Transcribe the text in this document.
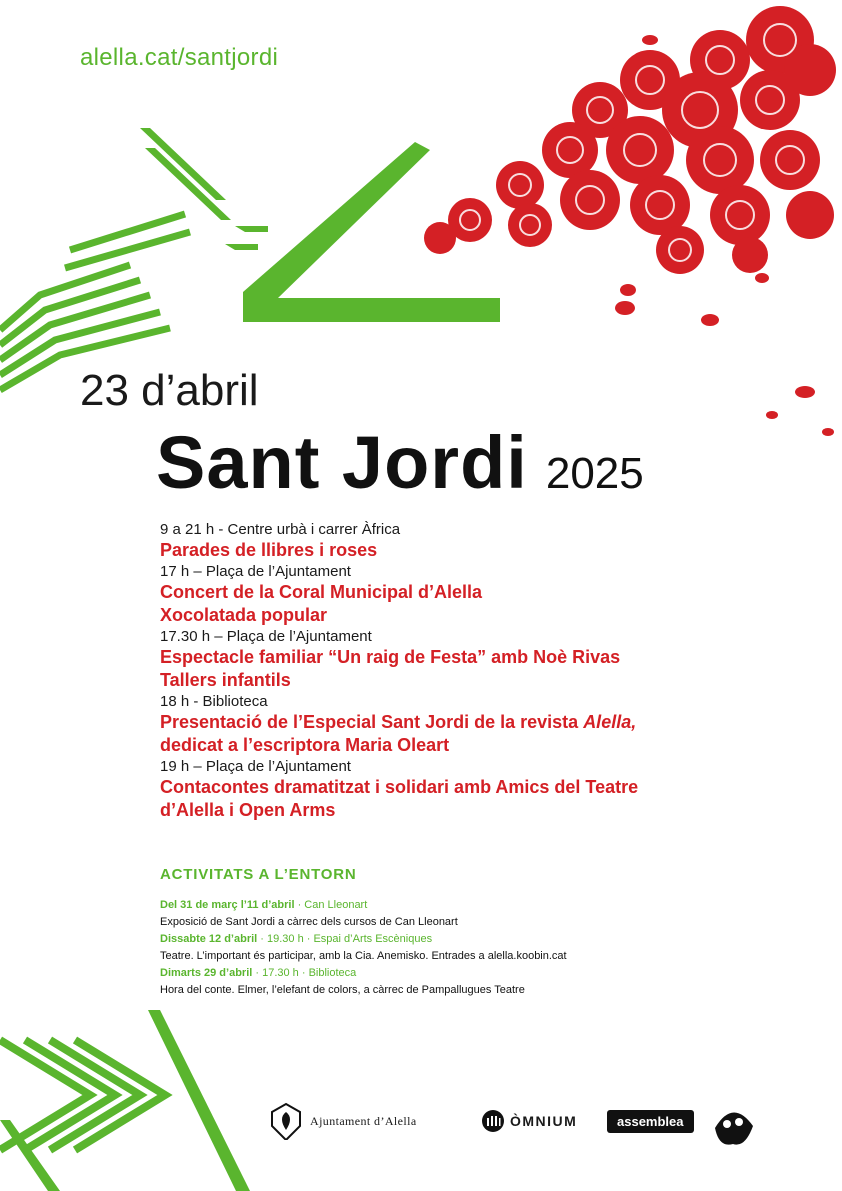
alella.cat/santjordi
23 d’abril
Sant Jordi 2025
9 a 21 h - Centre urbà i carrer Àfrica
Parades de llibres i roses
17 h – Plaça de l’Ajuntament
Concert de la Coral Municipal d’Alella
Xocolatada popular
17.30 h – Plaça de l’Ajuntament
Espectacle familiar “Un raig de Festa” amb Noè Rivas
Tallers infantils
18 h - Biblioteca
Presentació de l’Especial Sant Jordi de la revista Alella,
dedicat a l’escriptora Maria Oleart
19 h – Plaça de l’Ajuntament
Contacontes dramatitzat i solidari amb Amics del Teatre
d’Alella i Open Arms
ACTIVITATS A L’ENTORN
Del 31 de març l’11 d’abril · Can Lleonart
Exposició de Sant Jordi a càrrec dels cursos de Can Lleonart
Dissabte 12 d’abril · 19.30 h · Espai d’Arts Escèniques
Teatre. L’important és participar, amb la Cia. Anemisko. Entrades a alella.koobin.cat
Dimarts 29 d’abril · 17.30 h · Biblioteca
Hora del conte. Elmer, l’elefant de colors, a càrrec de Pampallugues Teatre
Ajuntament d’Alella	ÒMNIUM	assemblea
